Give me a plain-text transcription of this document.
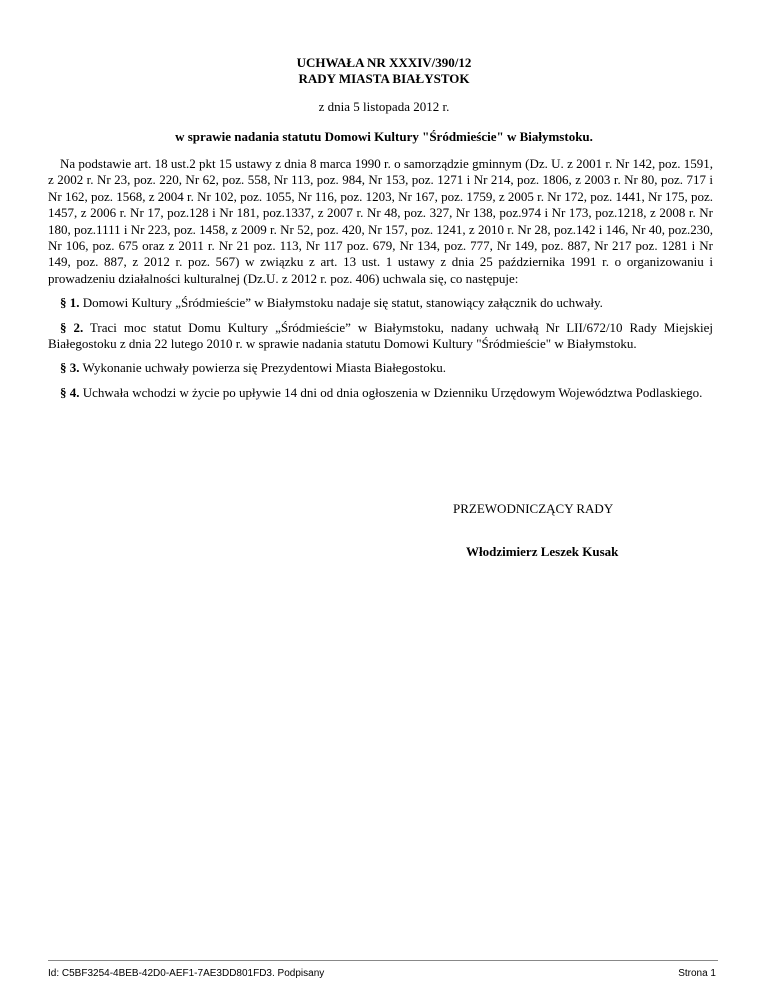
UCHWAŁA NR XXXIV/390/12
RADY MIASTA BIAŁYSTOK
z dnia 5 listopada 2012 r.
w sprawie nadania statutu Domowi Kultury "Śródmieście" w Białymstoku.

Na podstawie art. 18 ust.2 pkt 15 ustawy z dnia 8 marca 1990 r. o samorządzie gminnym (Dz. U. z 2001 r. Nr 142, poz. 1591, z 2002 r. Nr 23, poz. 220, Nr 62, poz. 558, Nr 113, poz. 984, Nr 153, poz. 1271 i Nr 214, poz. 1806, z 2003 r. Nr 80, poz. 717 i Nr 162, poz. 1568, z 2004 r. Nr 102, poz. 1055, Nr 116, poz. 1203, Nr 167, poz. 1759, z 2005 r. Nr 172, poz. 1441, Nr 175, poz. 1457, z 2006 r. Nr 17, poz.128 i Nr 181, poz.1337, z 2007 r. Nr 48, poz. 327, Nr 138, poz.974 i Nr 173, poz.1218, z 2008 r. Nr 180, poz.1111 i Nr 223, poz. 1458, z 2009 r. Nr 52, poz. 420, Nr 157, poz. 1241, z 2010 r. Nr 28, poz.142 i 146, Nr 40, poz.230, Nr 106, poz. 675 oraz z 2011 r. Nr 21 poz. 113, Nr 117 poz. 679, Nr 134, poz. 777, Nr 149, poz. 887, Nr 217 poz. 1281 i Nr 149, poz. 887, z 2012 r. poz. 567) w związku z art. 13 ust. 1 ustawy z dnia 25 października 1991 r. o organizowaniu i prowadzeniu działalności kulturalnej (Dz.U. z 2012 r. poz. 406) uchwala się, co następuje:

§ 1. Domowi Kultury „Śródmieście” w Białymstoku nadaje się statut, stanowiący załącznik do uchwały.

§ 2. Traci moc statut Domu Kultury „Śródmieście” w Białymstoku, nadany uchwałą Nr LII/672/10 Rady Miejskiej Białegostoku z dnia 22 lutego 2010 r. w sprawie nadania statutu Domowi Kultury "Śródmieście" w Białymstoku.

§ 3. Wykonanie uchwały powierza się Prezydentowi Miasta Białegostoku.

§ 4. Uchwała wchodzi w życie po upływie 14 dni od dnia ogłoszenia w Dzienniku Urzędowym Województwa Podlaskiego.

PRZEWODNICZĄCY RADY
Włodzimierz Leszek Kusak
Id: C5BF3254-4BEB-42D0-AEF1-7AE3DD801FD3. Podpisany	Strona 1
